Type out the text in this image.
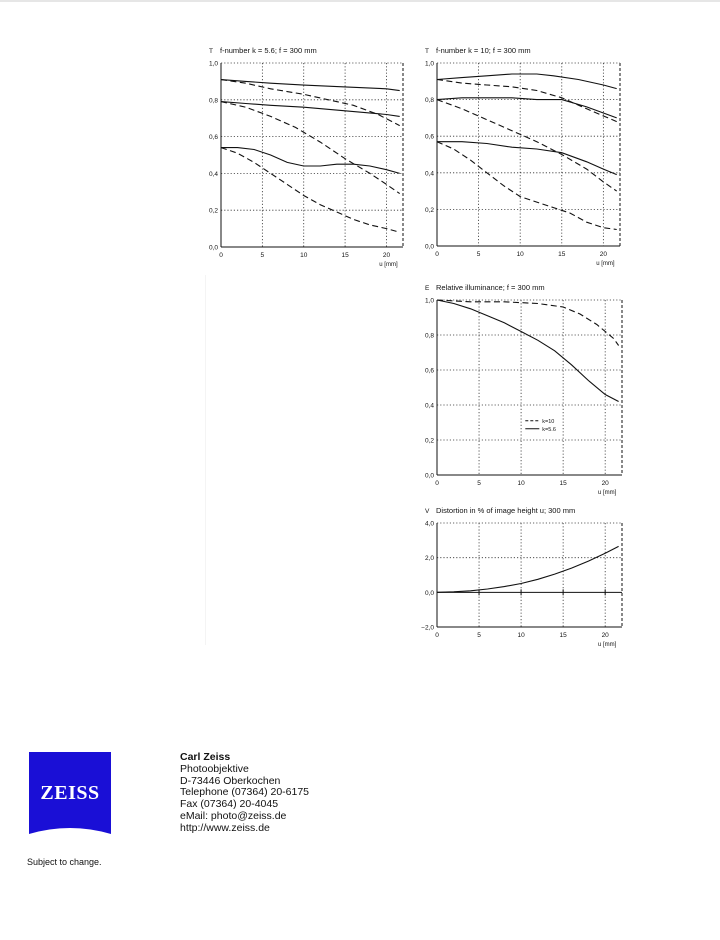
0,0
0,2
0,4
0,6
0,8
1,0
0	5	10	15	20
u [mm]
T f-number k = 5.6; f = 300 mm
0,0
0,2
0,4
0,6
0,8
1,0
0	5	10	15	20
u [mm]
T f-number k = 10; f = 300 mm
0,0
0,2
0,4
0,6
0,8
1,0
0	5	10	15	20
u [mm]
E Relative illuminance; f = 300 mm
k=10
k=5.6
−2,0
0,0
2,0
4,0
0	5	10	15	20
u [mm]
V Distortion in % of image height u; 300 mm
ZEISS
Carl Zeiss
Photoobjektive
D-73446 Oberkochen
Telephone (07364) 20-6175
Fax (07364) 20-4045
eMail: photo@zeiss.de
http://www.zeiss.de
Subject to change.
